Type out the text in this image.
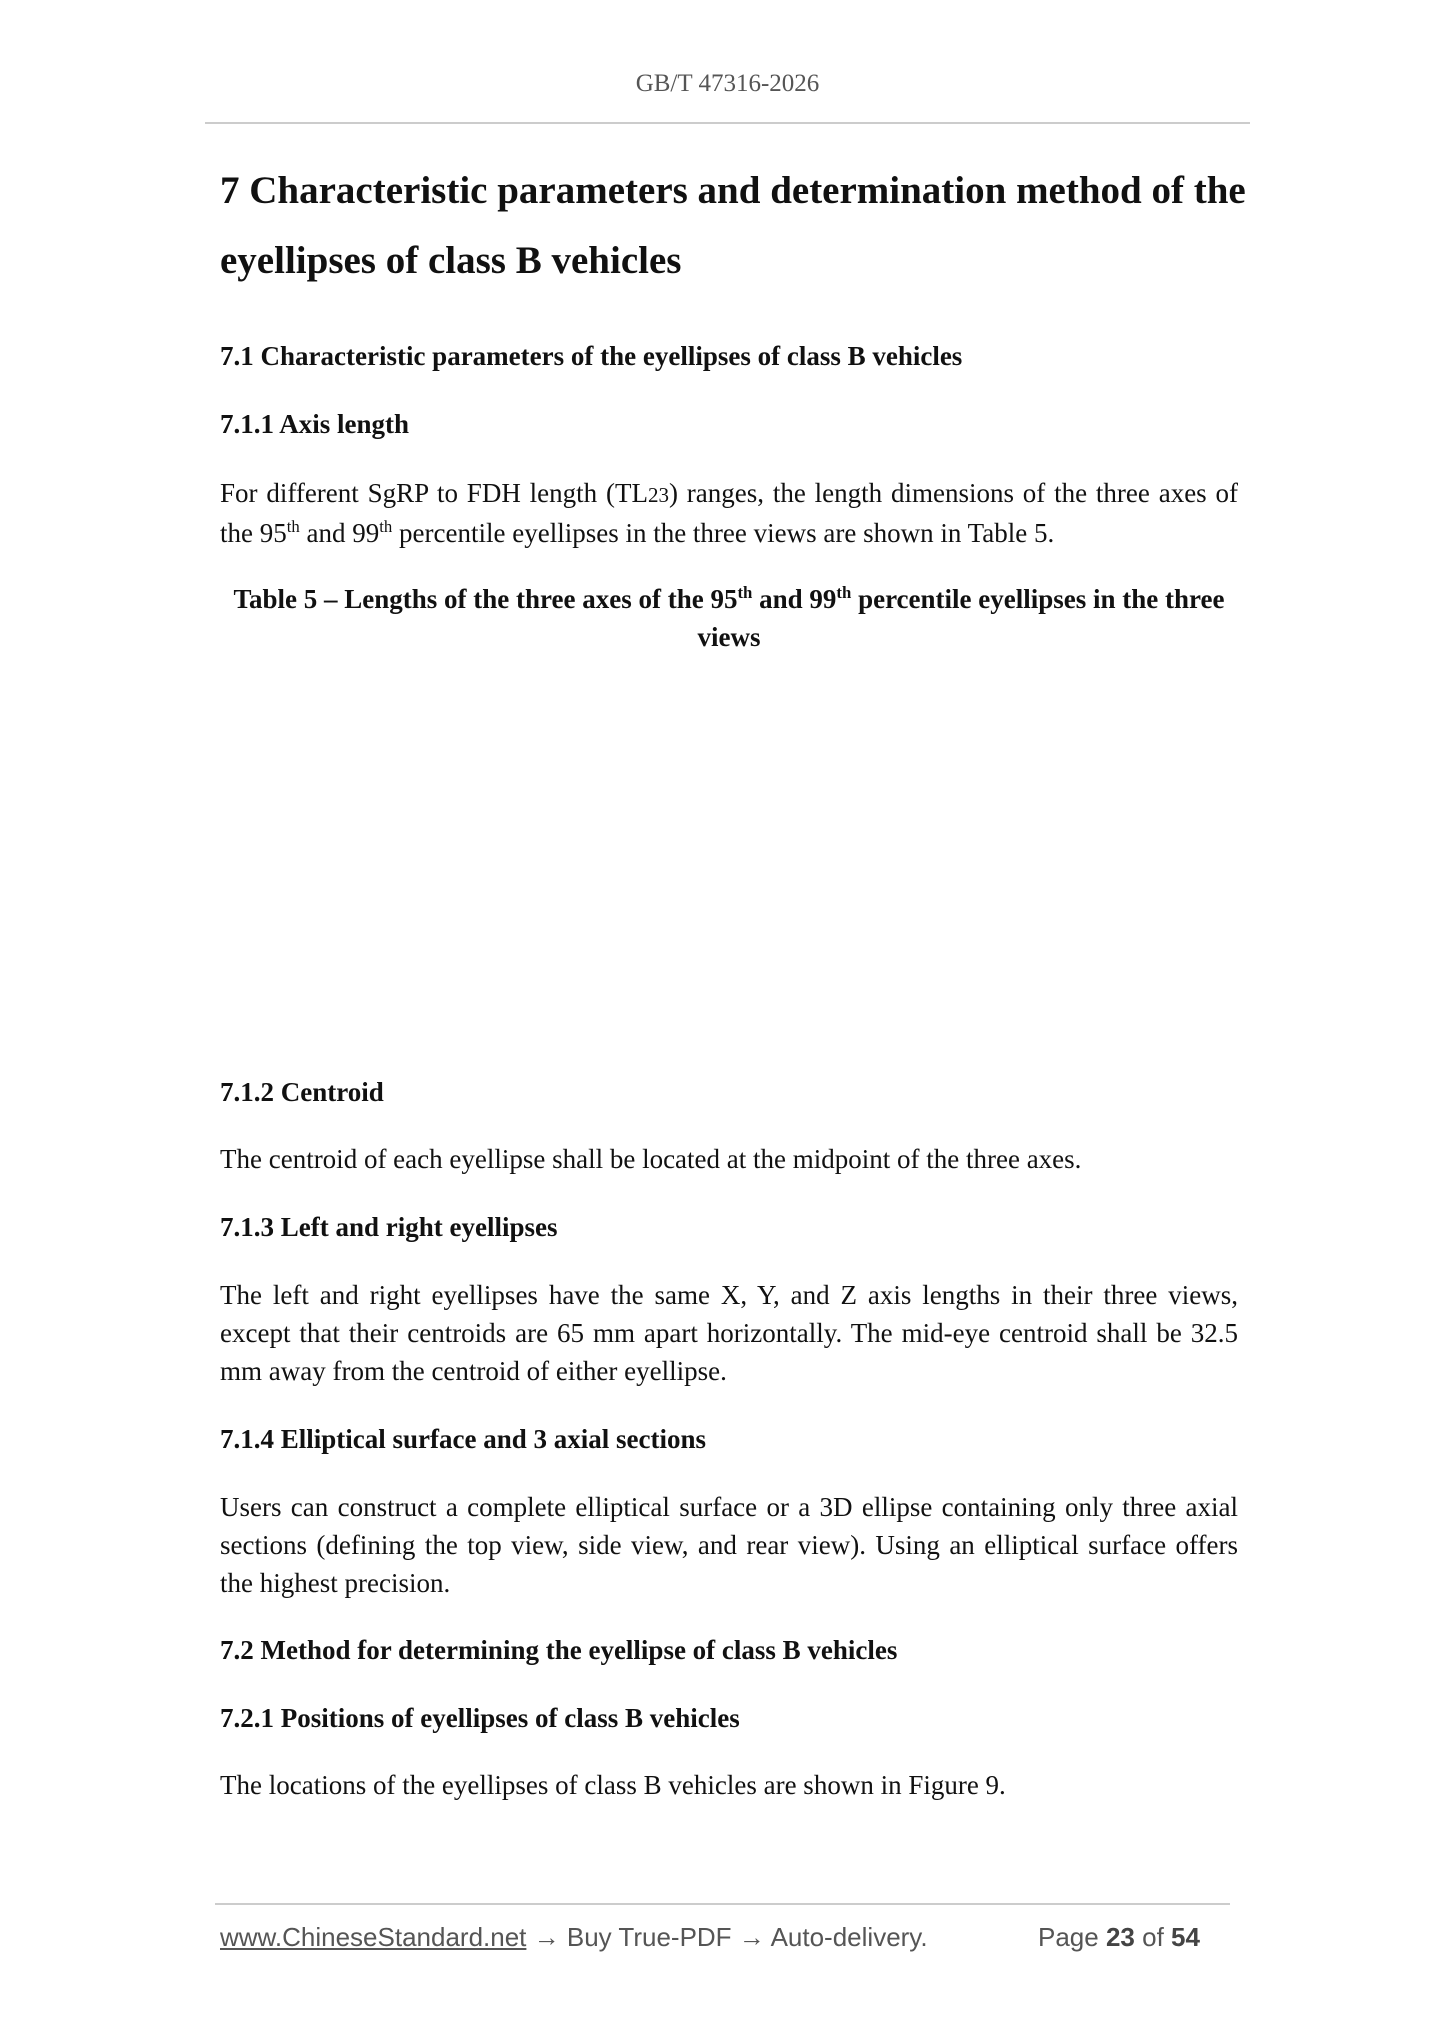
GB/T 47316-2026
7 Characteristic parameters and determination method of the
eyellipses of class B vehicles
7.1 Characteristic parameters of the eyellipses of class B vehicles
7.1.1 Axis length
For different SgRP to FDH length (TL23) ranges, the length dimensions of the three axes of the 95th and 99th percentile eyellipses in the three views are shown in Table 5.
Table 5 – Lengths of the three axes of the 95th and 99th percentile eyellipses in the three views
7.1.2 Centroid
The centroid of each eyellipse shall be located at the midpoint of the three axes.
7.1.3 Left and right eyellipses
The left and right eyellipses have the same X, Y, and Z axis lengths in their three views, except that their centroids are 65 mm apart horizontally. The mid-eye centroid shall be 32.5 mm away from the centroid of either eyellipse.
7.1.4 Elliptical surface and 3 axial sections
Users can construct a complete elliptical surface or a 3D ellipse containing only three axial sections (defining the top view, side view, and rear view). Using an elliptical surface offers the highest precision.
7.2 Method for determining the eyellipse of class B vehicles
7.2.1 Positions of eyellipses of class B vehicles
The locations of the eyellipses of class B vehicles are shown in Figure 9.
www.ChineseStandard.net → Buy True-PDF → Auto-delivery.	Page 23 of 54
